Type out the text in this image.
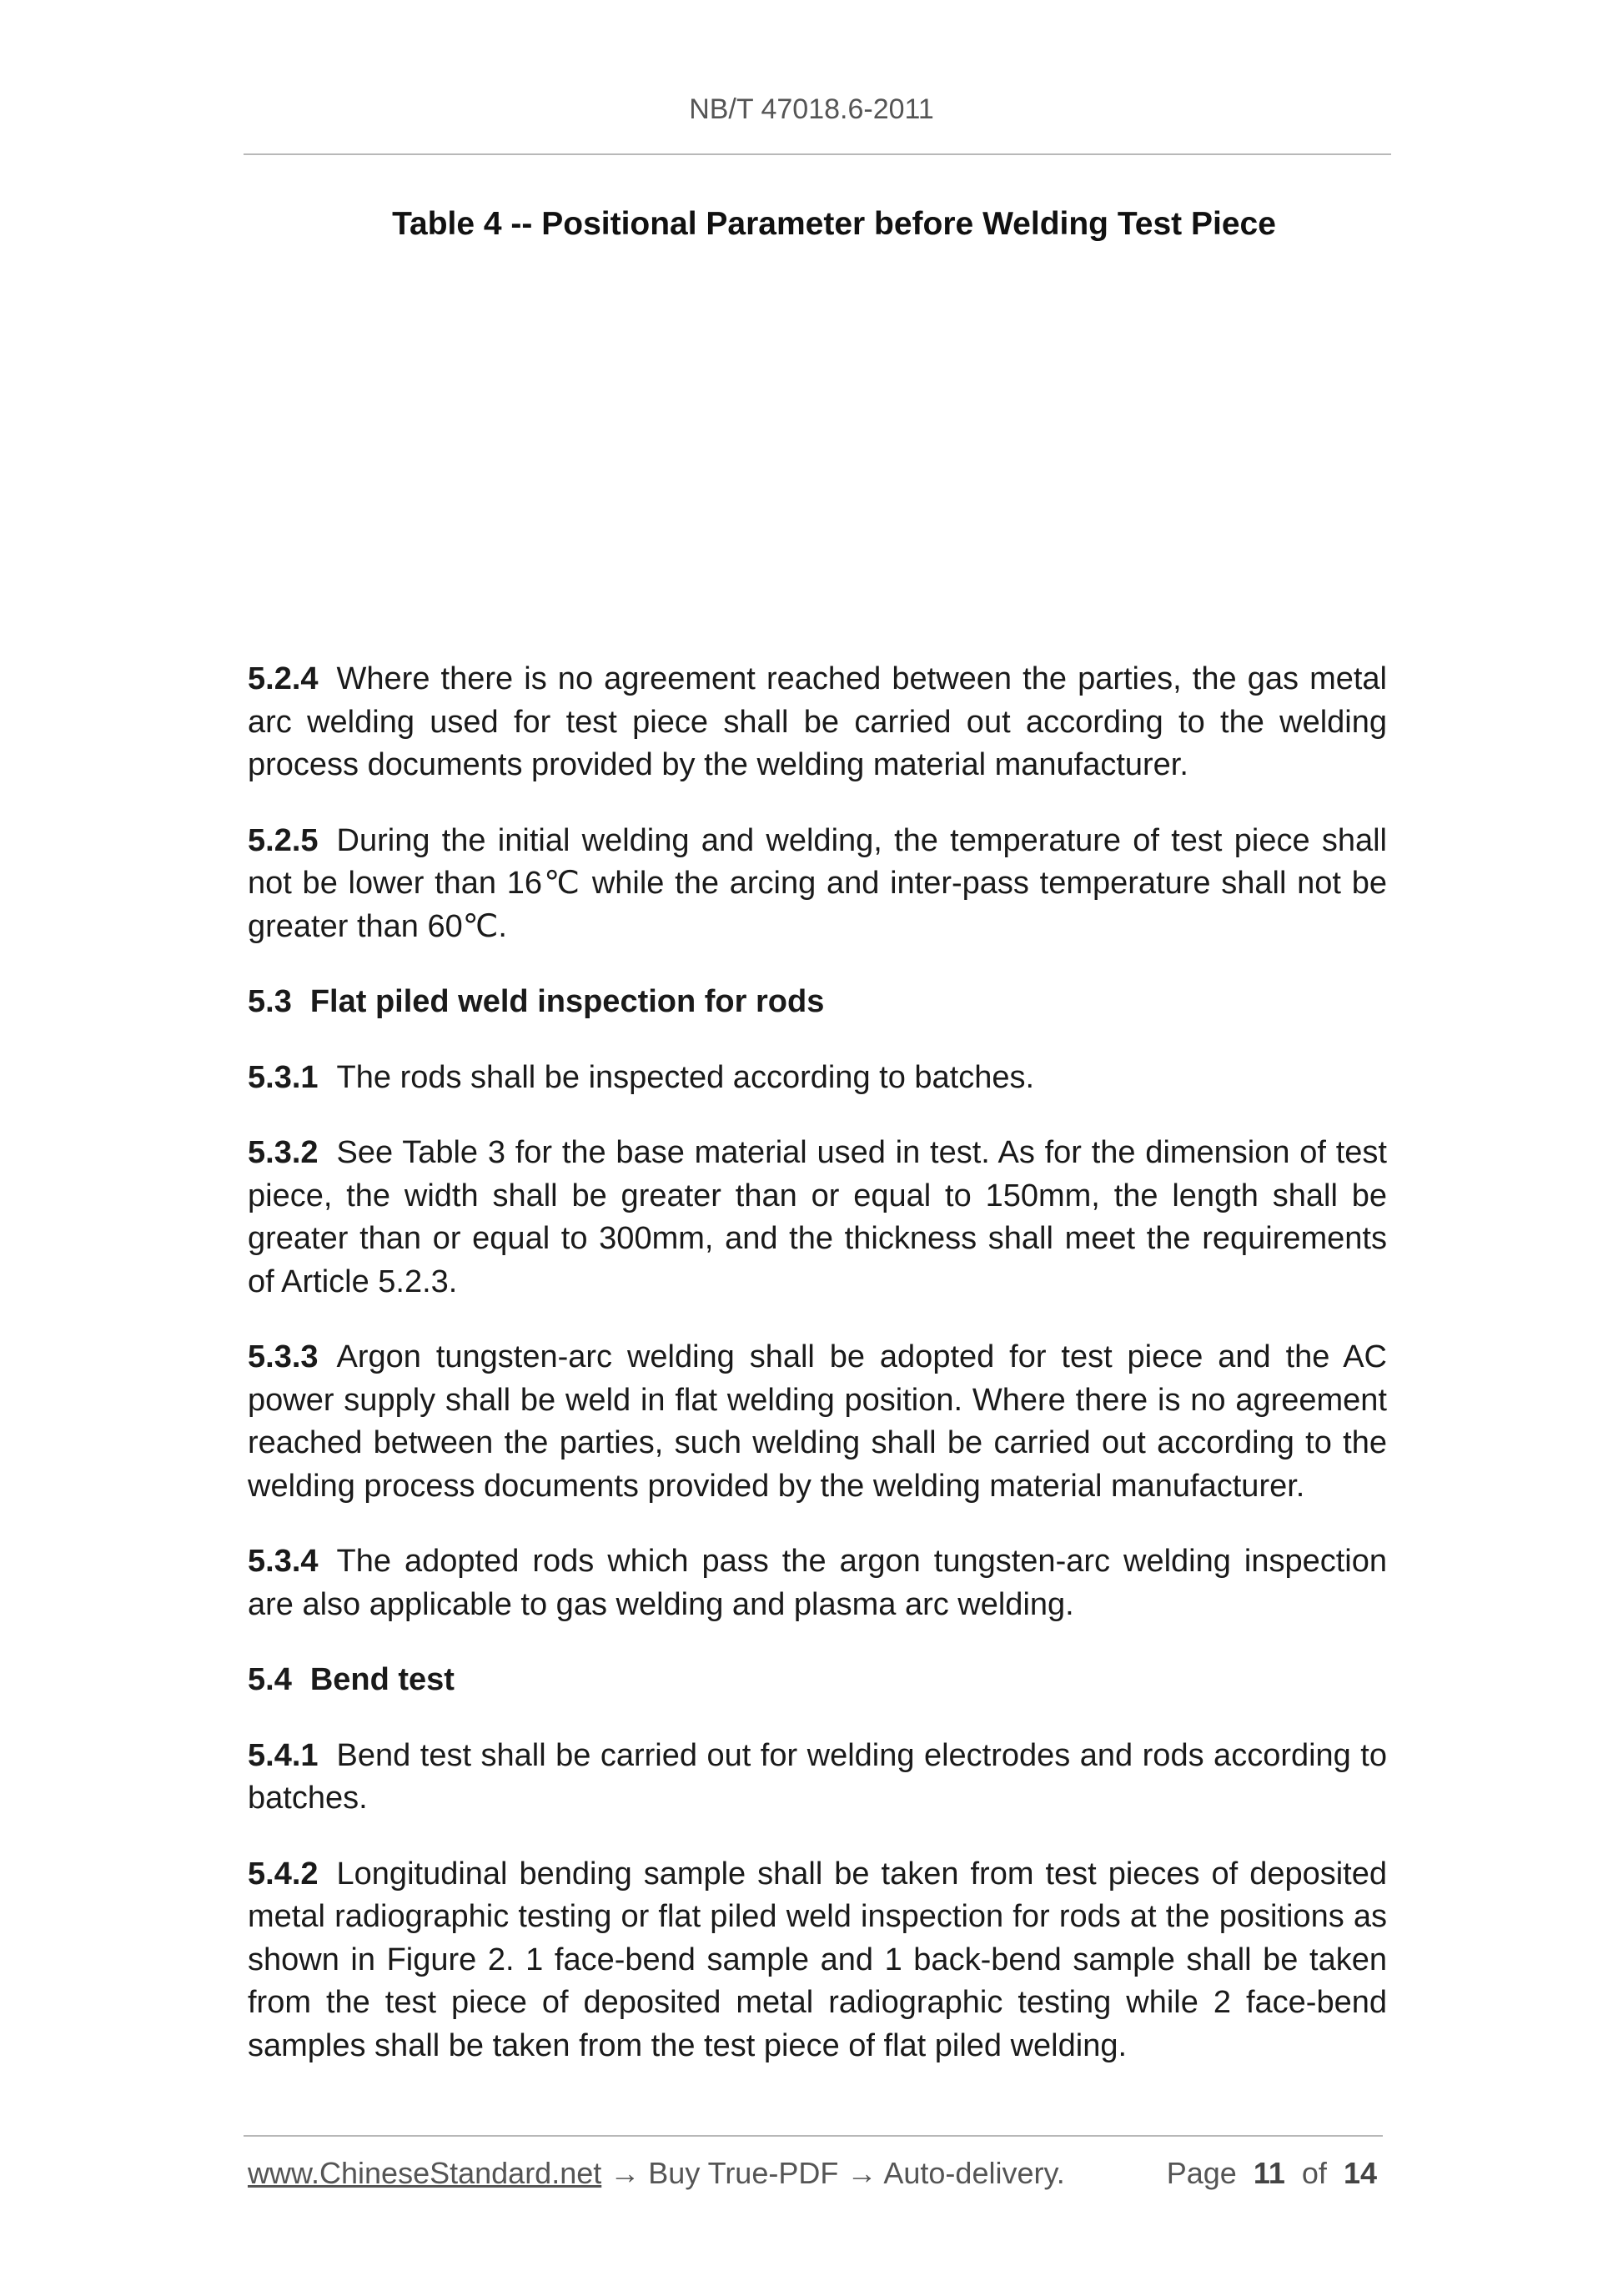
NB/T 47018.6-2011
Table 4 -- Positional Parameter before Welding Test Piece

5.2.4 Where there is no agreement reached between the parties, the gas metal arc welding used for test piece shall be carried out according to the welding process documents provided by the welding material manufacturer.

5.2.5 During the initial welding and welding, the temperature of test piece shall not be lower than 16℃ while the arcing and inter-pass temperature shall not be greater than 60℃.

5.3 Flat piled weld inspection for rods

5.3.1 The rods shall be inspected according to batches.

5.3.2 See Table 3 for the base material used in test. As for the dimension of test piece, the width shall be greater than or equal to 150mm, the length shall be greater than or equal to 300mm, and the thickness shall meet the requirements of Article 5.2.3.

5.3.3 Argon tungsten-arc welding shall be adopted for test piece and the AC power supply shall be weld in flat welding position. Where there is no agreement reached between the parties, such welding shall be carried out according to the welding process documents provided by the welding material manufacturer.

5.3.4 The adopted rods which pass the argon tungsten-arc welding inspection are also applicable to gas welding and plasma arc welding.

5.4 Bend test

5.4.1 Bend test shall be carried out for welding electrodes and rods according to batches.

5.4.2 Longitudinal bending sample shall be taken from test pieces of deposited metal radiographic testing or flat piled weld inspection for rods at the positions as shown in Figure 2. 1 face-bend sample and 1 back-bend sample shall be taken from the test piece of deposited metal radiographic testing while 2 face-bend samples shall be taken from the test piece of flat piled welding.

www.ChineseStandard.net → Buy True-PDF → Auto-delivery.	Page 11 of 14
